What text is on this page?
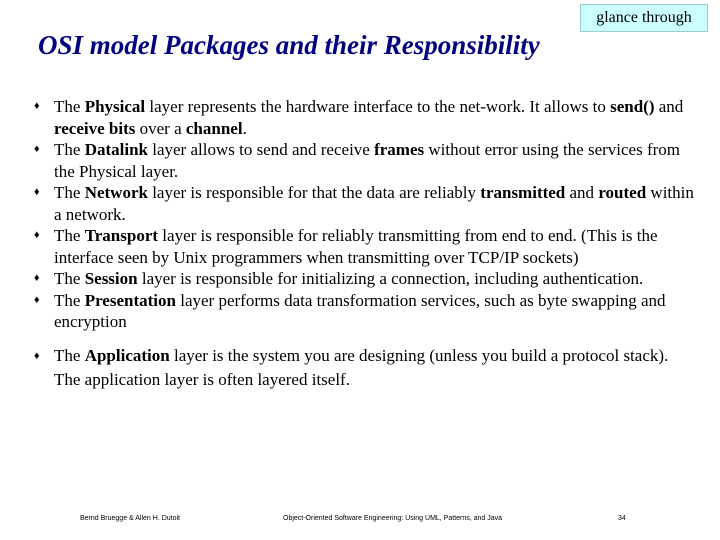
glance through
OSI model Packages and their Responsibility
♦ The Physical layer represents the hardware interface to the net-work. It allows to send() and receive bits over a channel.
♦ The Datalink layer allows to send and receive frames without error using the services from the Physical layer.
♦ The Network layer is responsible for that the data are reliably transmitted and routed within a network.
♦ The Transport layer is responsible for reliably transmitting from end to end. (This is the interface seen by Unix programmers when transmitting over TCP/IP sockets)
♦ The Session layer is responsible for initializing a connection, including authentication.
♦ The Presentation layer performs data transformation services, such as byte swapping and encryption
♦ The Application layer is the system you are designing (unless you build a protocol stack). The application layer is often layered itself.
Bernd Bruegge & Allen H. Dutoit	Object-Oriented Software Engineering: Using UML, Patterns, and Java	34
